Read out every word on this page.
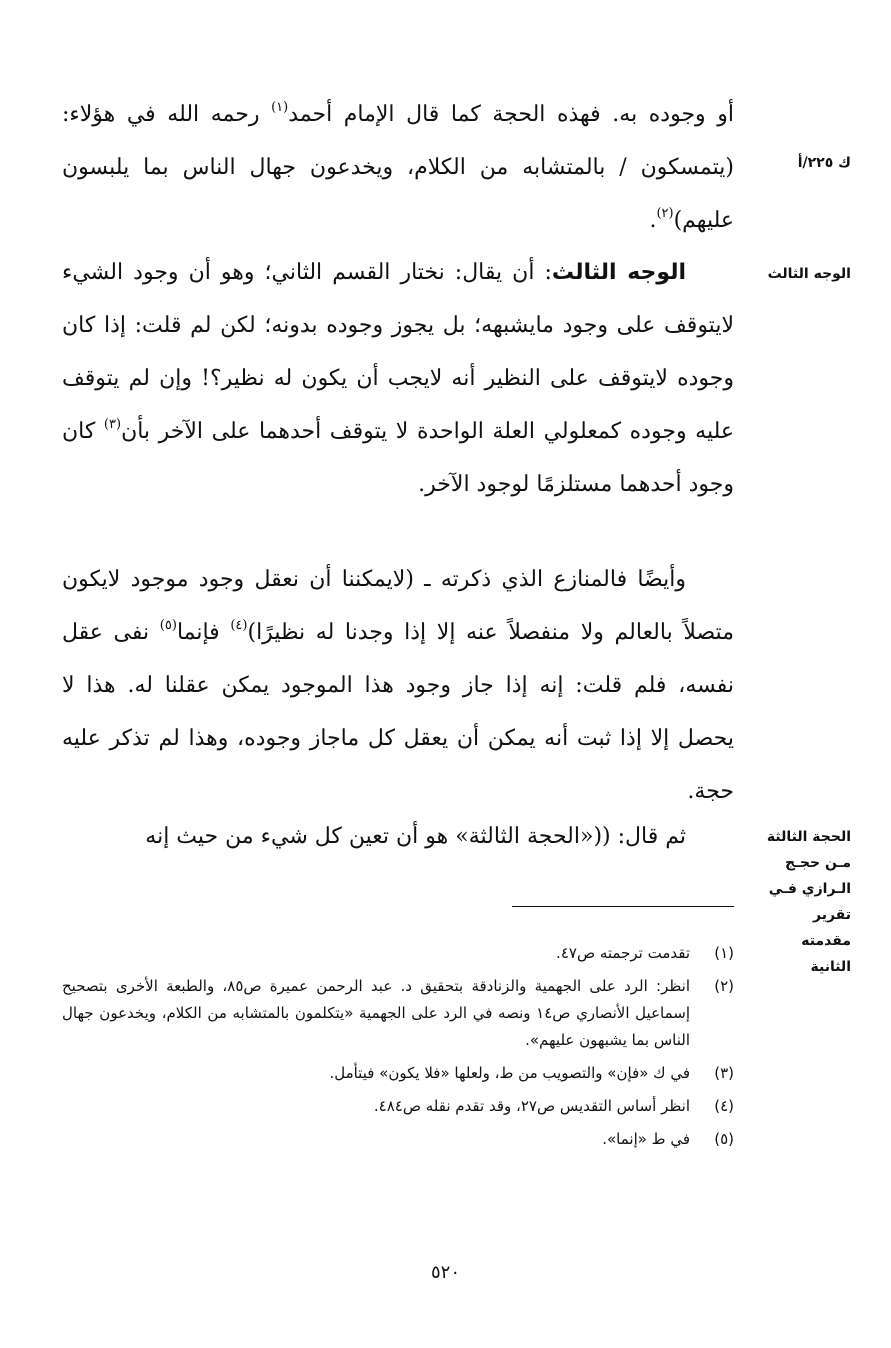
ك ٢٢٥/أ
الوجه الثالث
الحجة الثالثة
مـن حجـج
الـرازي فـي
تقرير مقدمته
الثانية

أو وجوده به. فهذه الحجة كما قال الإمام أحمد$^{(١)}$ رحمه الله في هؤلاء: (يتمسكون / بالمتشابه من الكلام، ويخدعون جهال الناس بما يلبسون عليهم)$^{(٢)}$.

الوجه الثالث: أن يقال: نختار القسم الثاني؛ وهو أن وجود الشيء لايتوقف على وجود مايشبهه؛ بل يجوز وجوده بدونه؛ لكن لم قلت: إذا كان وجوده لايتوقف على النظير أنه لايجب أن يكون له نظير؟! وإن لم يتوقف عليه وجوده كمعلولي العلة الواحدة لا يتوقف أحدهما على الآخر بأن$^{(٣)}$ كان وجود أحدهما مستلزمًا لوجود الآخر.

وأيضًا فالمنازع الذي ذكرته ـ (لايمكننا أن نعقل وجود موجود لايكون متصلاً بالعالم ولا منفصلاً عنه إلا إذا وجدنا له نظيرًا)$^{(٤)}$ فإنما$^{(٥)}$ نفى عقل نفسه، فلم قلت: إنه إذا جاز وجود هذا الموجود يمكن عقلنا له. هذا لا يحصل إلا إذا ثبت أنه يمكن أن يعقل كل ماجاز وجوده، وهذا لم تذكر عليه حجة.

ثم قال: ((«الحجة الثالثة» هو أن تعين كل شيء من حيث إنه

(١)
تقدمت ترجمته ص٤٧.
(٢)
انظر: الرد على الجهمية والزنادقة بتحقيق د. عبد الرحمن عميرة ص٨٥، والطبعة الأخرى بتصحيح إسماعيل الأنصاري ص١٤ ونصه في الرد على الجهمية «يتكلمون بالمتشابه من الكلام، ويخدعون جهال الناس بما يشبهون عليهم».
(٣)
في ك «فإن» والتصويب من ط، ولعلها «فلا يكون» فيتأمل.
(٤)
انظر أساس التقديس ص٢٧، وقد تقدم نقله ص٤٨٤.
(٥)
في ط «إنما».
٥٢٠
